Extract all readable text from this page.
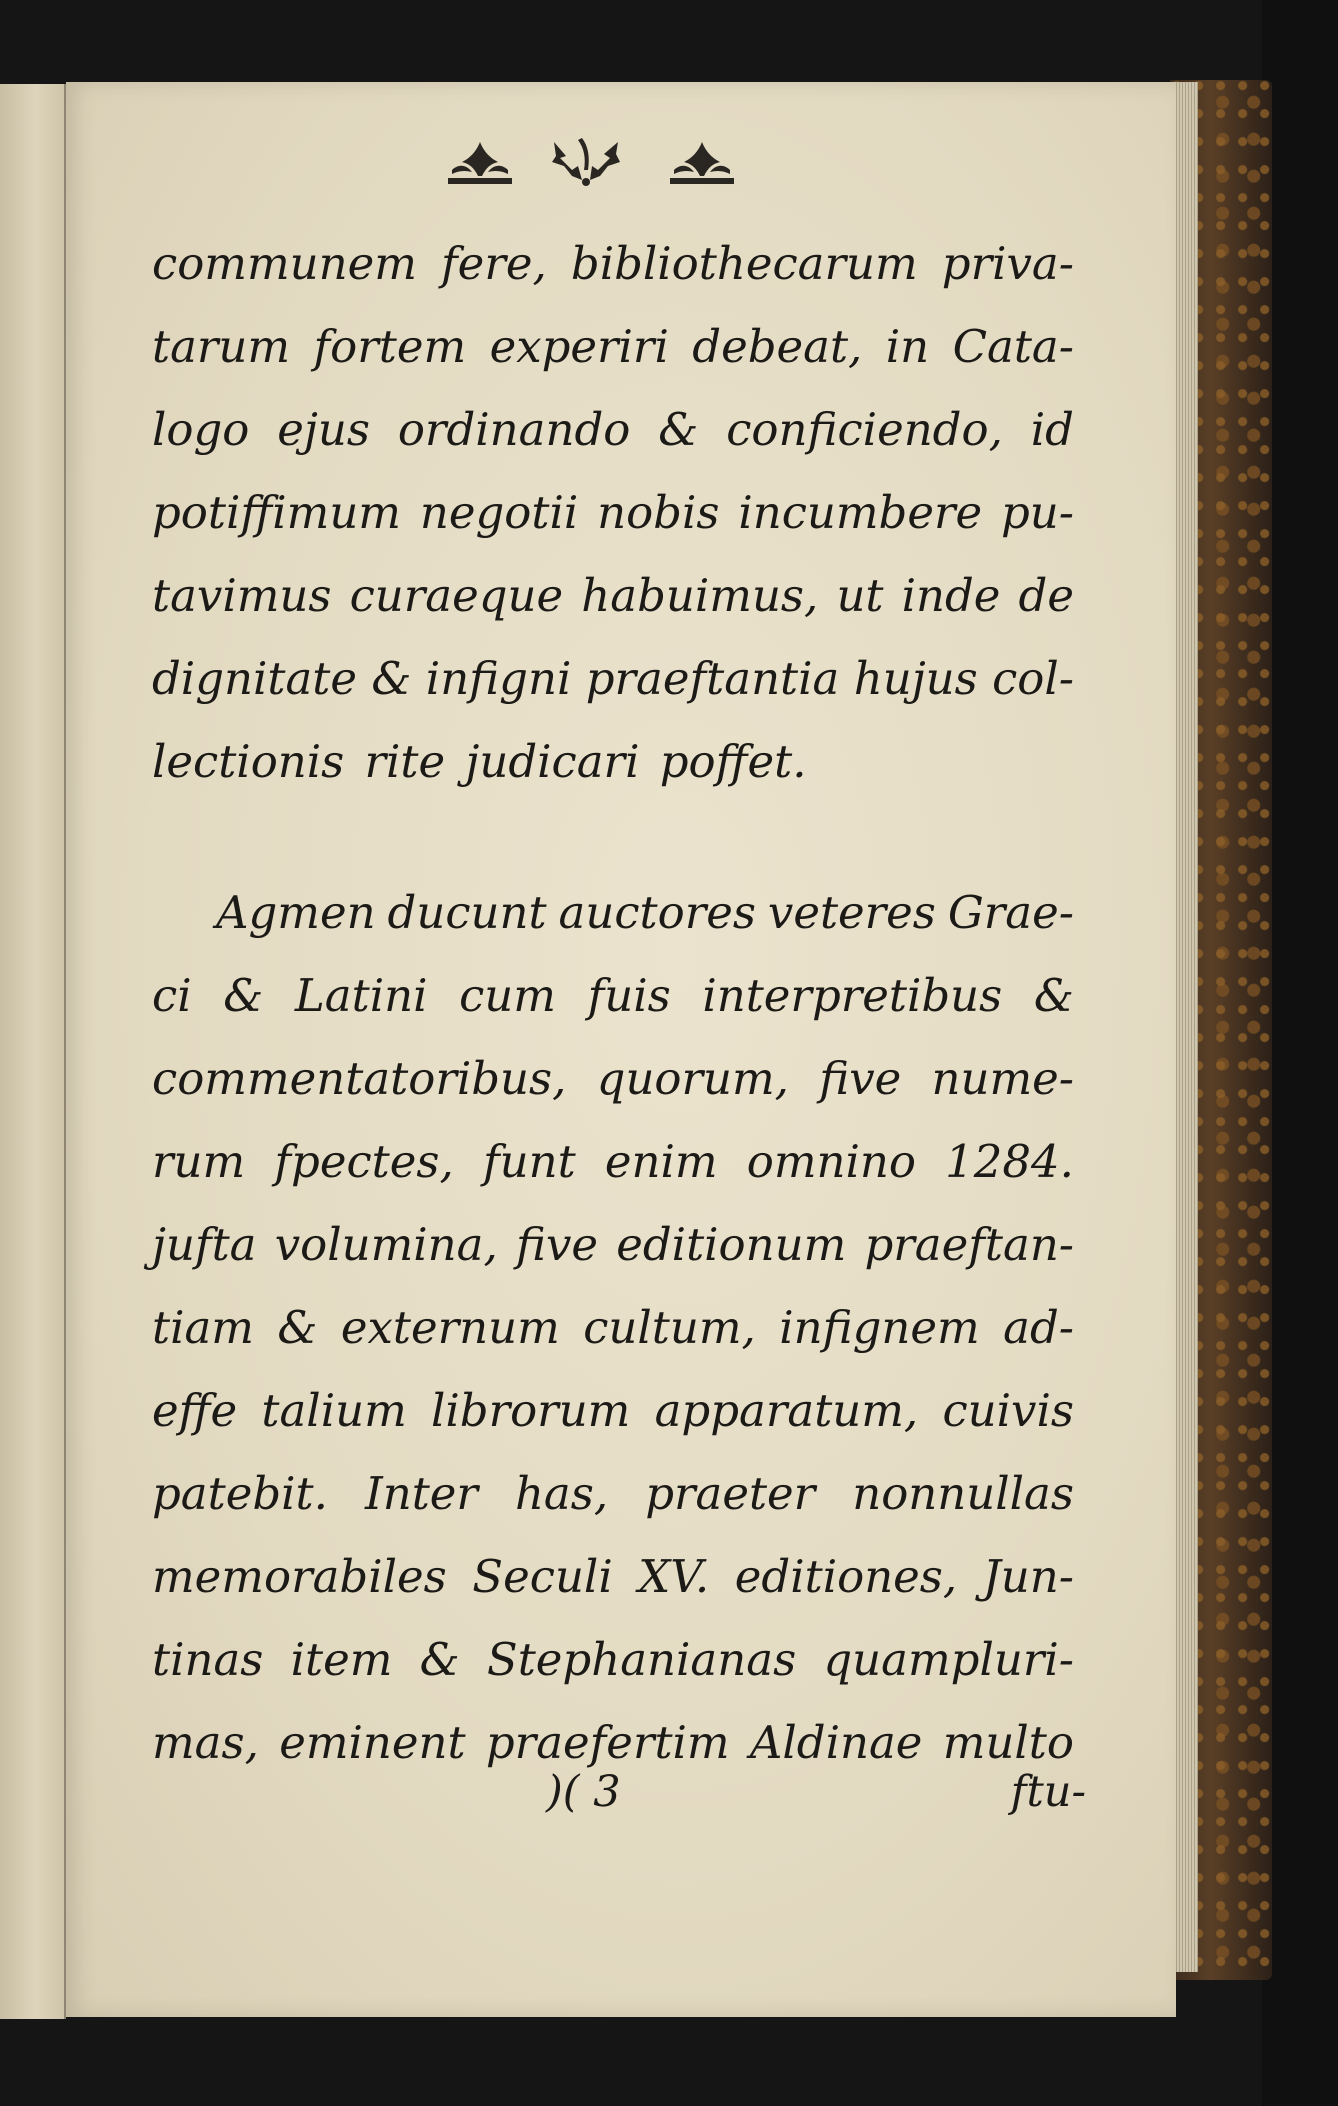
communem fere, bibliothecarum priva-
tarum fortem experiri debeat, in Cata-
logo ejus ordinando & conficiendo, id
potiffimum negotii nobis incumbere pu-
tavimus curaeque habuimus, ut inde de
dignitate & infigni praeftantia hujus col-
lectionis rite judicari poffet.
Agmen ducunt auctores veteres Grae-
ci & Latini cum fuis interpretibus &
commentatoribus, quorum, five nume-
rum fpectes, funt enim omnino 1284.
jufta volumina, five editionum praeftan-
tiam & externum cultum, infignem ad-
effe talium librorum apparatum, cuivis
patebit. Inter has, praeter nonnullas
memorabiles Seculi XV. editiones, Jun-
tinas item & Stephanianas quampluri-
mas, eminent praefertim Aldinae multo
)( 3	ftu-
